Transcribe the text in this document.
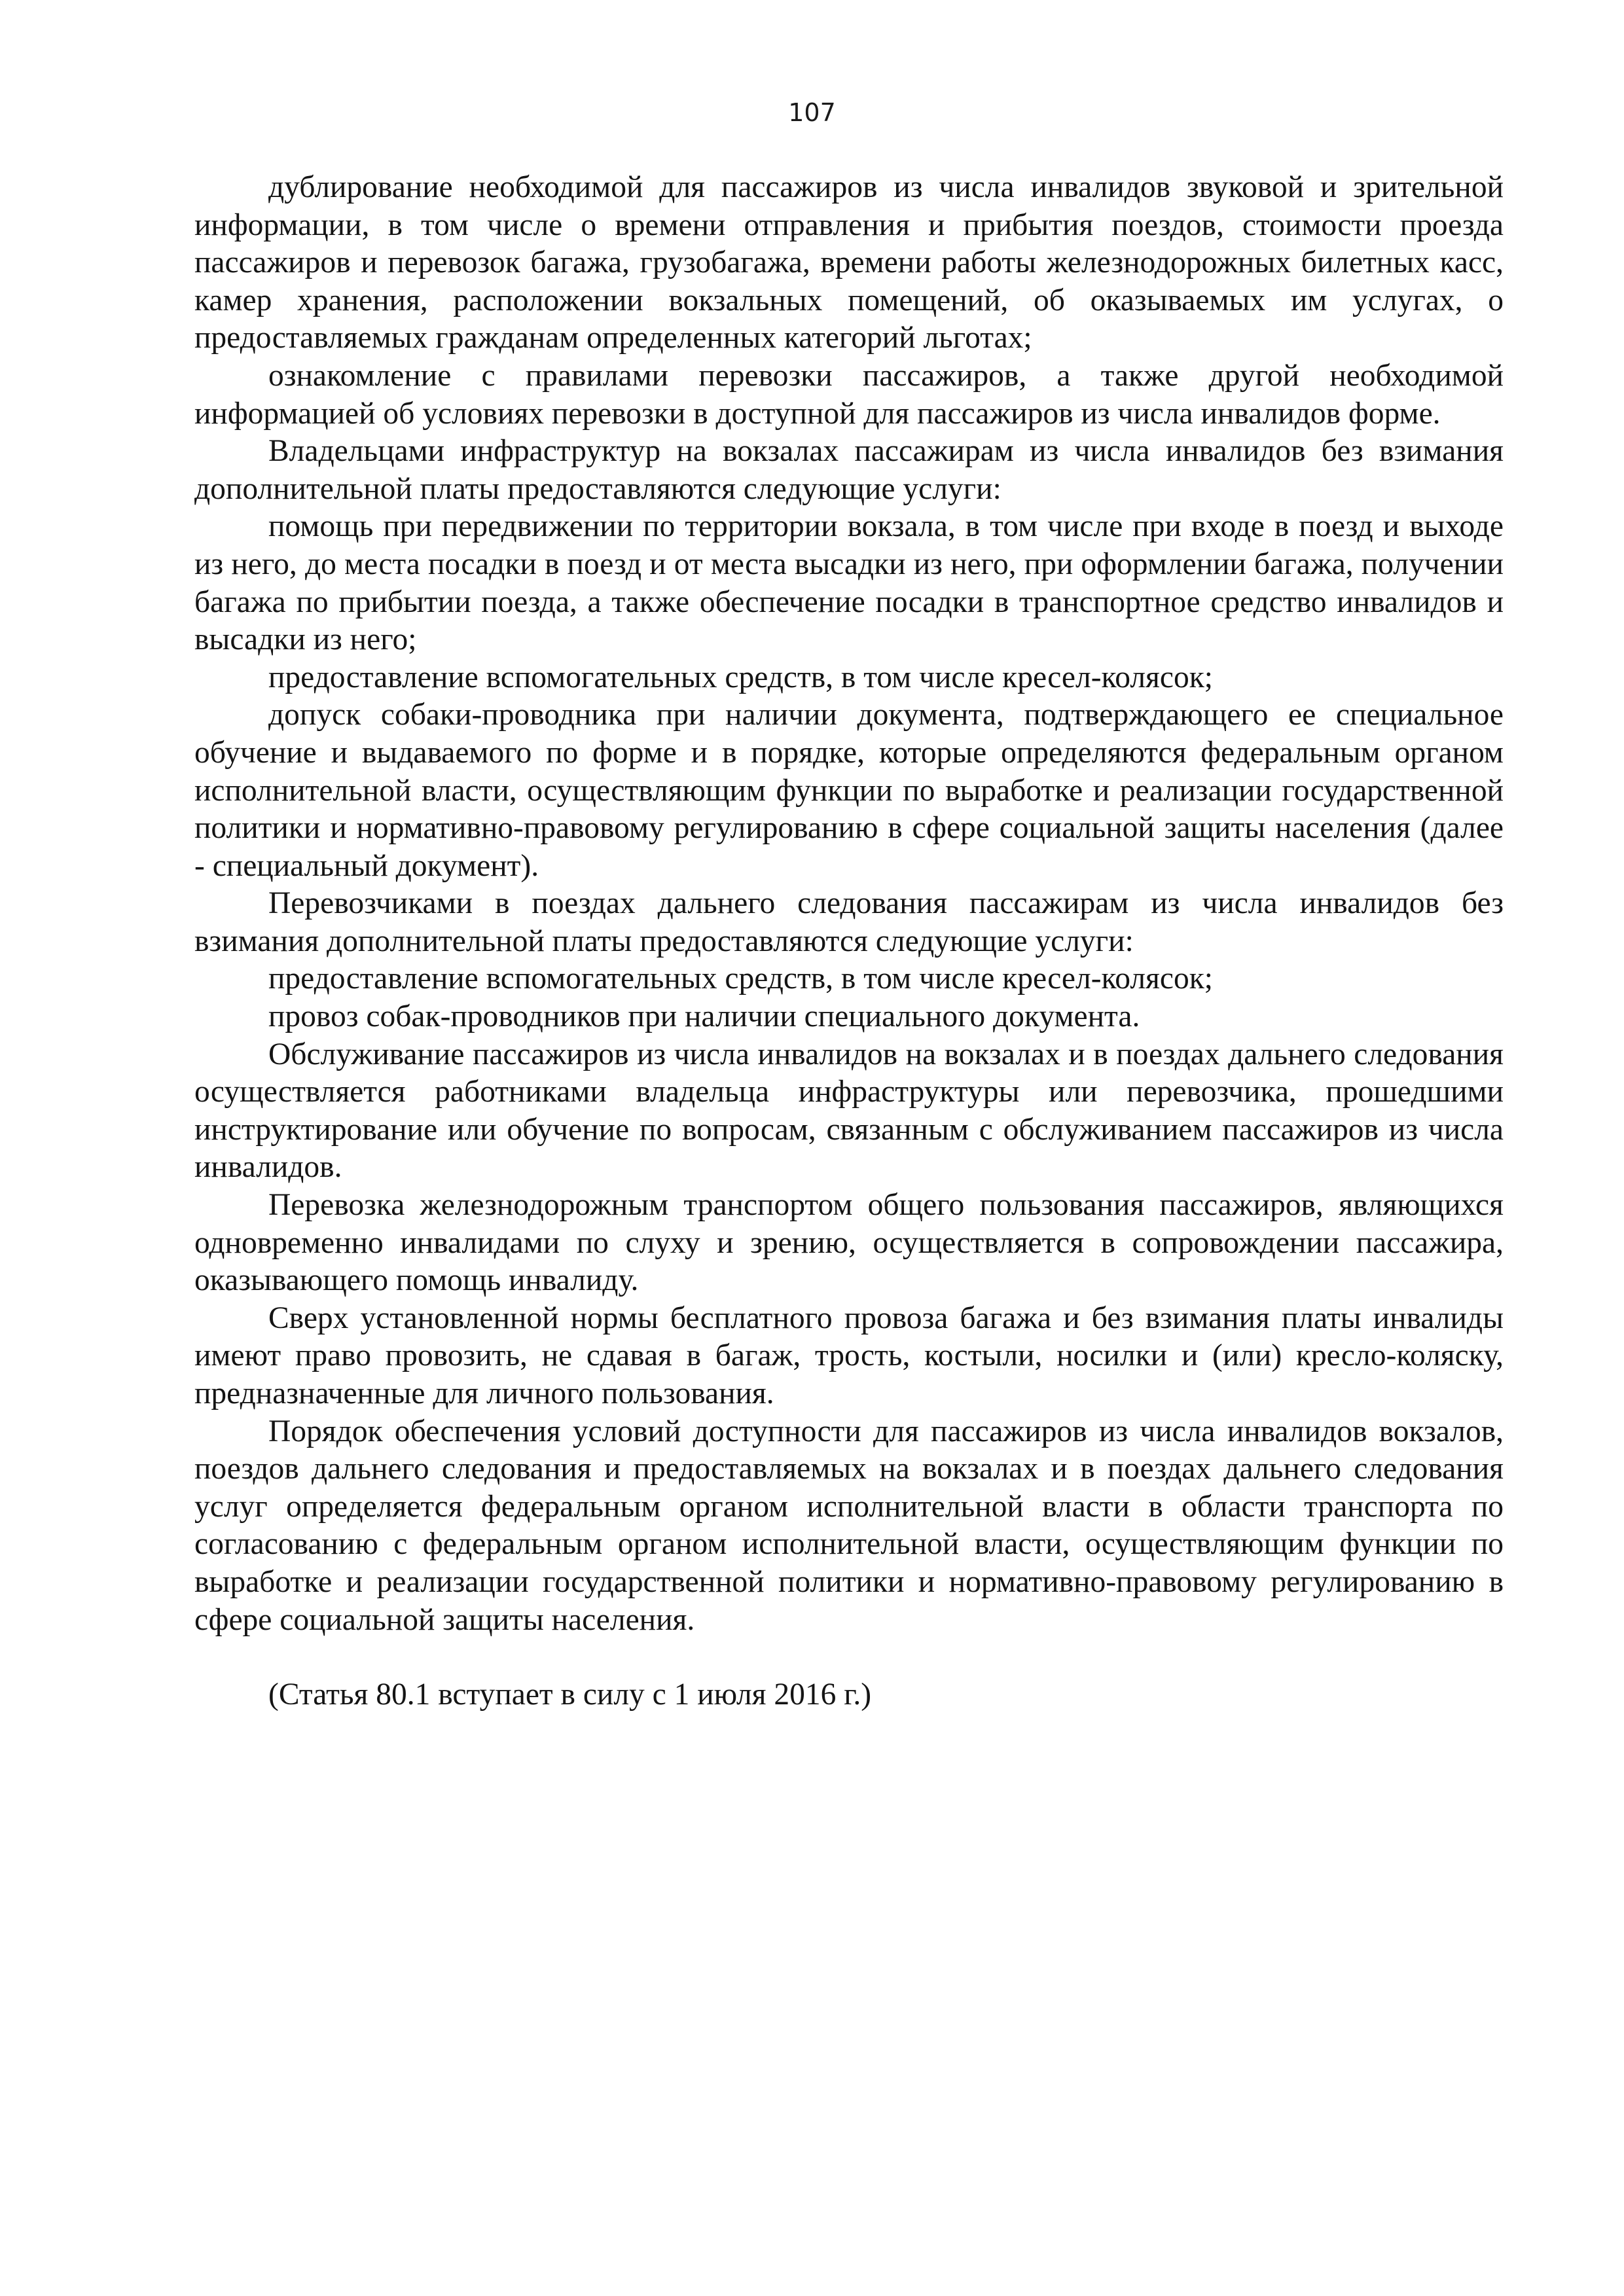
107

дублирование необходимой для пассажиров из числа инвалидов звуковой и зрительной информации, в том числе о времени отправления и прибытия поездов, стоимости проезда пассажиров и перевозок багажа, грузобагажа, времени работы железнодорожных билетных касс, камер хранения, расположении вокзальных помещений, об оказываемых им услугах, о предоставляемых гражданам определенных категорий льготах;

ознакомление с правилами перевозки пассажиров, а также другой необходимой информацией об условиях перевозки в доступной для пассажиров из числа инвалидов форме.

Владельцами инфраструктур на вокзалах пассажирам из числа инвалидов без взимания дополнительной платы предоставляются следующие услуги:

помощь при передвижении по территории вокзала, в том числе при входе в поезд и выходе из него, до места посадки в поезд и от места высадки из него, при оформлении багажа, получении багажа по прибытии поезда, а также обеспечение посадки в транспортное средство инвалидов и высадки из него;

предоставление вспомогательных средств, в том числе кресел-колясок;

допуск собаки-проводника при наличии документа, подтверждающего ее специальное обучение и выдаваемого по форме и в порядке, которые определяются федеральным органом исполнительной власти, осуществляющим функции по выработке и реализации государственной политики и нормативно-правовому регулированию в сфере социальной защиты населения (далее - специальный документ).

Перевозчиками в поездах дальнего следования пассажирам из числа инвалидов без взимания дополнительной платы предоставляются следующие услуги:

предоставление вспомогательных средств, в том числе кресел-колясок;

провоз собак-проводников при наличии специального документа.

Обслуживание пассажиров из числа инвалидов на вокзалах и в поездах дальнего следования осуществляется работниками владельца инфраструктуры или перевозчика, прошедшими инструктирование или обучение по вопросам, связанным с обслуживанием пассажиров из числа инвалидов.

Перевозка железнодорожным транспортом общего пользования пассажиров, являющихся одновременно инвалидами по слуху и зрению, осуществляется в сопровождении пассажира, оказывающего помощь инвалиду.

Сверх установленной нормы бесплатного провоза багажа и без взимания платы инвалиды имеют право провозить, не сдавая в багаж, трость, костыли, носилки и (или) кресло-коляску, предназначенные для личного пользования.

Порядок обеспечения условий доступности для пассажиров из числа инвалидов вокзалов, поездов дальнего следования и предоставляемых на вокзалах и в поездах дальнего следования услуг определяется федеральным органом исполнительной власти в области транспорта по согласованию с федеральным органом исполнительной власти, осуществляющим функции по выработке и реализации государственной политики и нормативно-правовому регулированию в сфере социальной защиты населения.

(Статья 80.1 вступает в силу с 1 июля 2016 г.)
